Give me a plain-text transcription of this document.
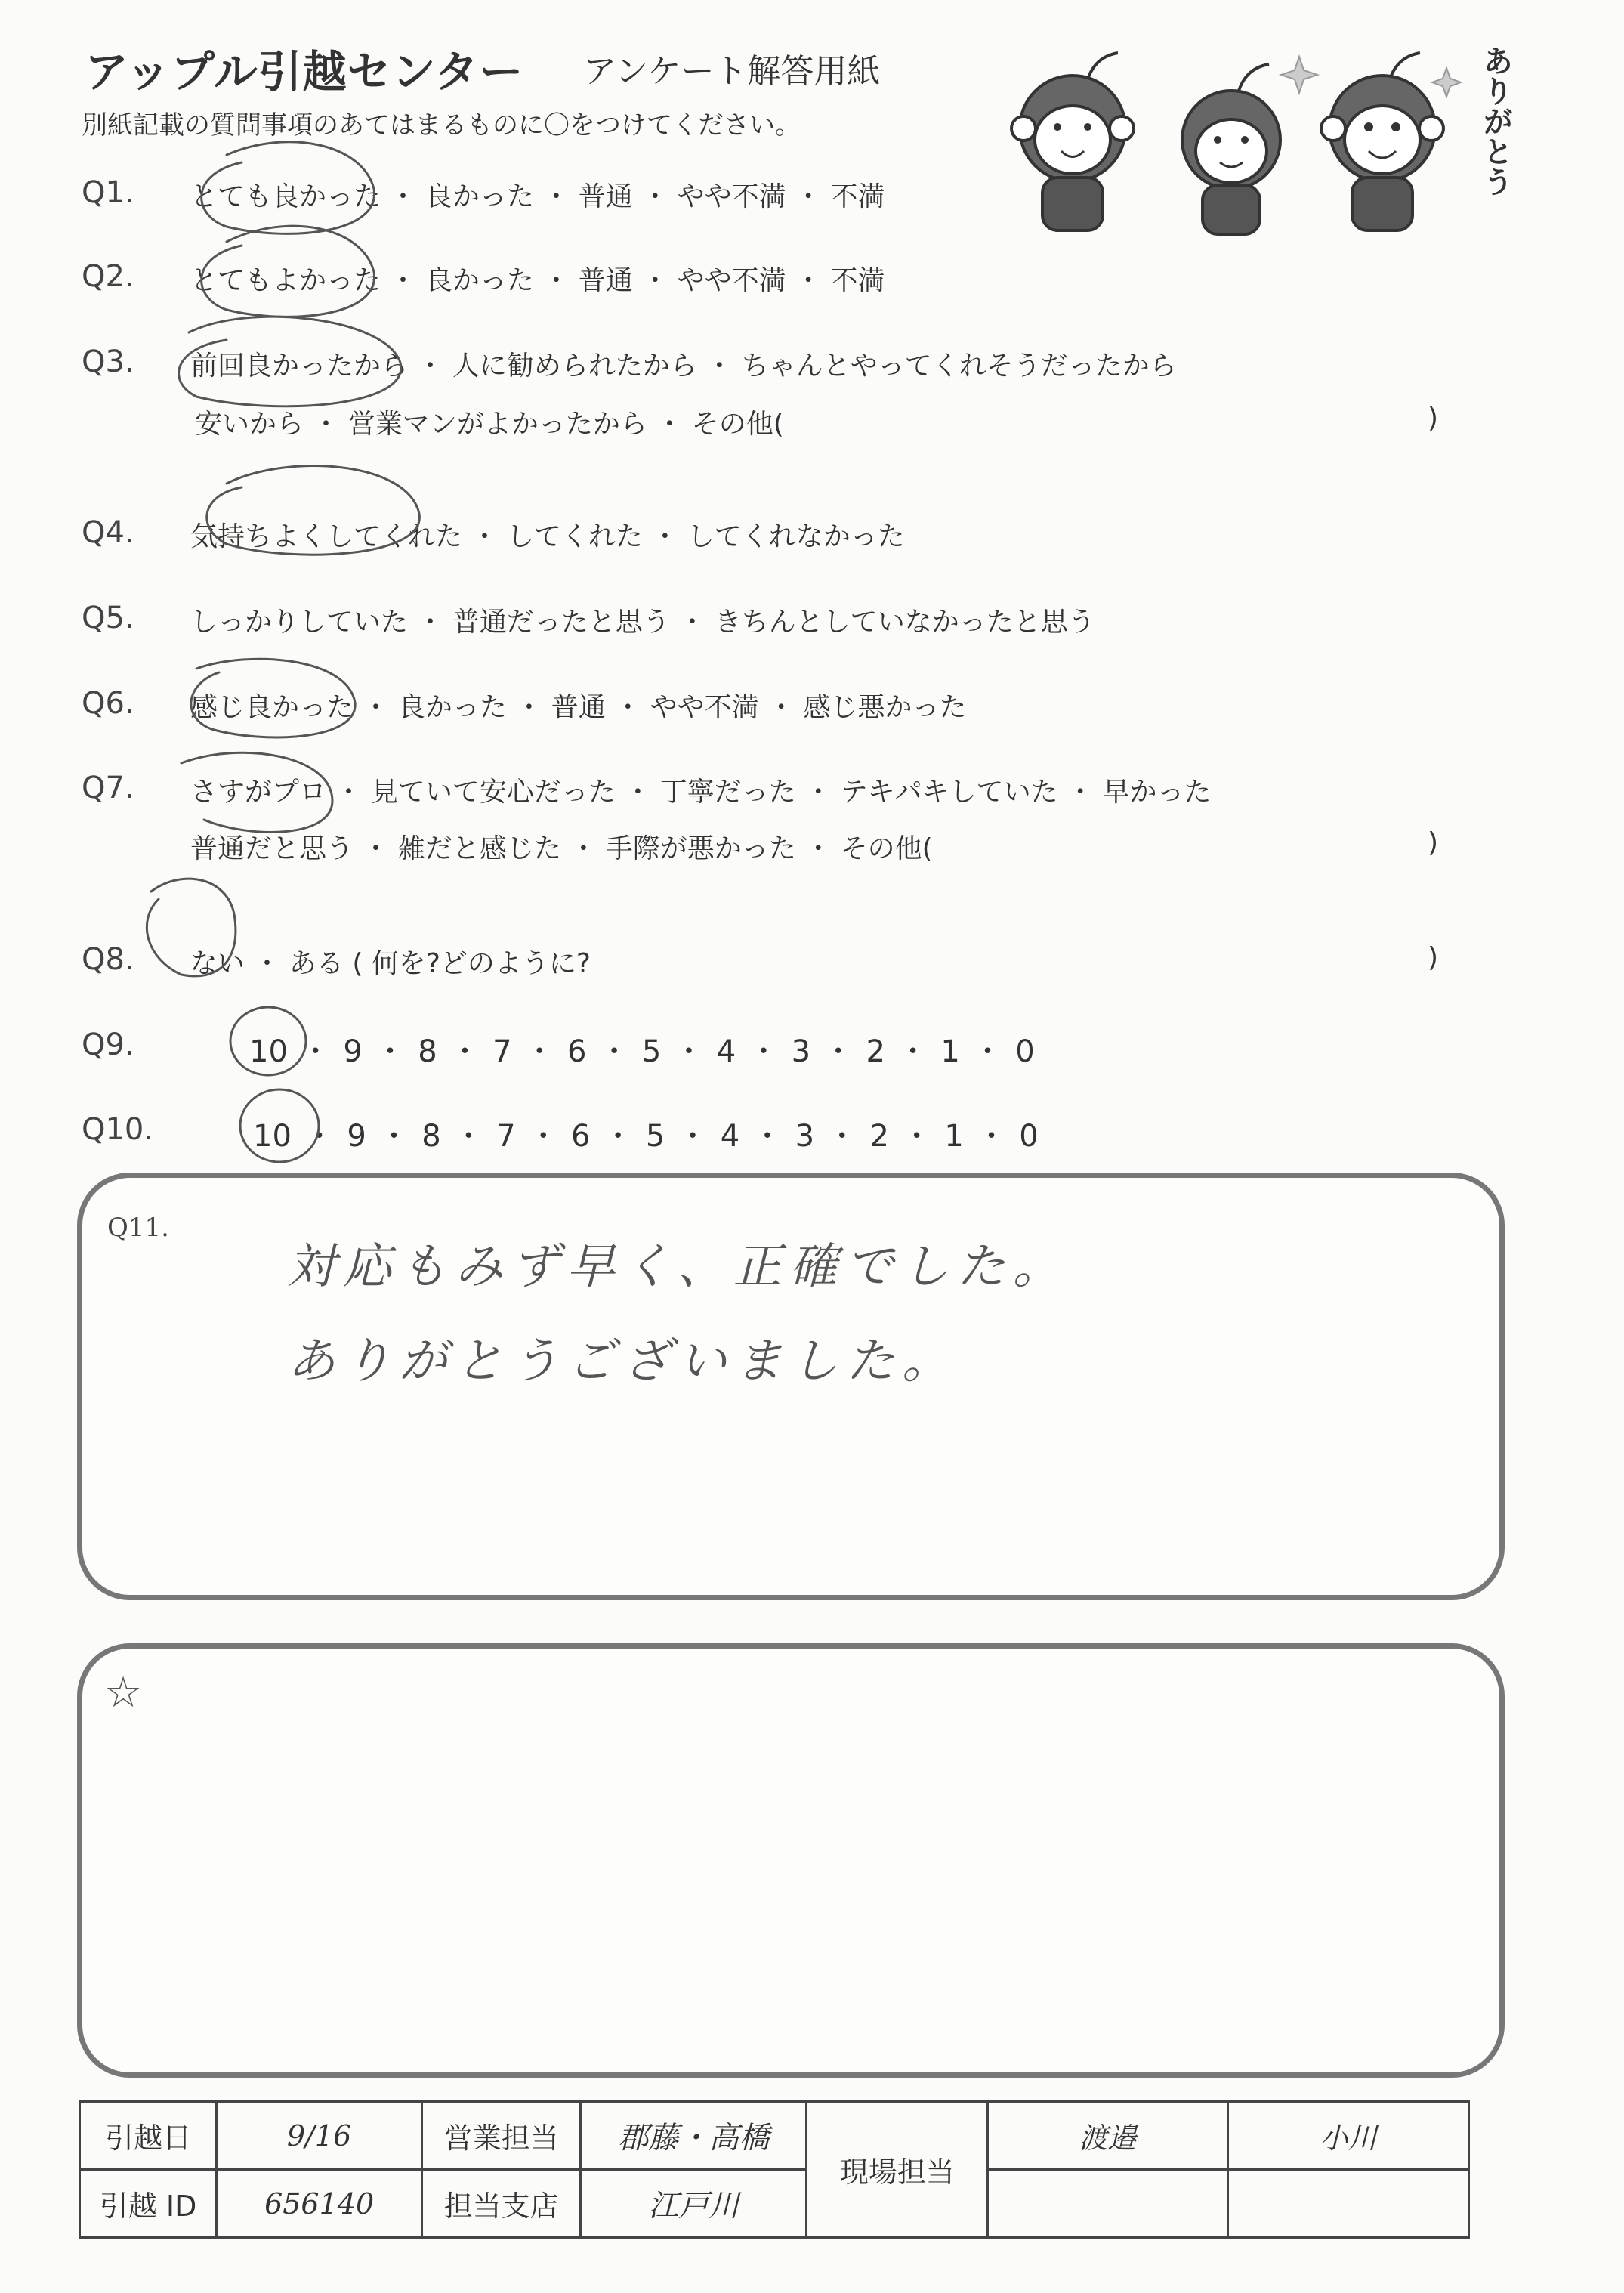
アップル引越センター アンケート解答用紙
別紙記載の質問事項のあてはまるものに〇をつけてください。	ありがとう
Q1. とても良かった ・ 良かった ・ 普通 ・ やや不満 ・ 不満
Q2. とてもよかった ・ 良かった ・ 普通 ・ やや不満 ・ 不満
Q3. 前回良かったから ・ 人に勧められたから ・ ちゃんとやってくれそうだったから
安いから ・ 営業マンがよかったから ・ その他(	)
Q4. 気持ちよくしてくれた ・ してくれた ・ してくれなかった
Q5. しっかりしていた ・ 普通だったと思う ・ きちんとしていなかったと思う
Q6. 感じ良かった ・ 良かった ・ 普通 ・ やや不満 ・ 感じ悪かった
Q7. さすがプロ ・ 見ていて安心だった ・ 丁寧だった ・ テキパキしていた ・ 早かった
普通だと思う ・ 雑だと感じた ・ 手際が悪かった ・ その他(	)
Q8. ない ・ ある ( 何を?どのように?	)
Q9.	10 ・ 9 ・ 8 ・ 7 ・ 6 ・ 5 ・ 4 ・ 3 ・ 2 ・ 1 ・ 0
Q10.	10 ・ 9 ・ 8 ・ 7 ・ 6 ・ 5 ・ 4 ・ 3 ・ 2 ・ 1 ・ 0
Q11.
対応もみず早く、正確でした。
ありがとうございました。
☆
引越日	9/16	営業担当	郡藤・高橋	現場担当	渡邉	小川
引越 ID	656140	担当支店	江戸川			
